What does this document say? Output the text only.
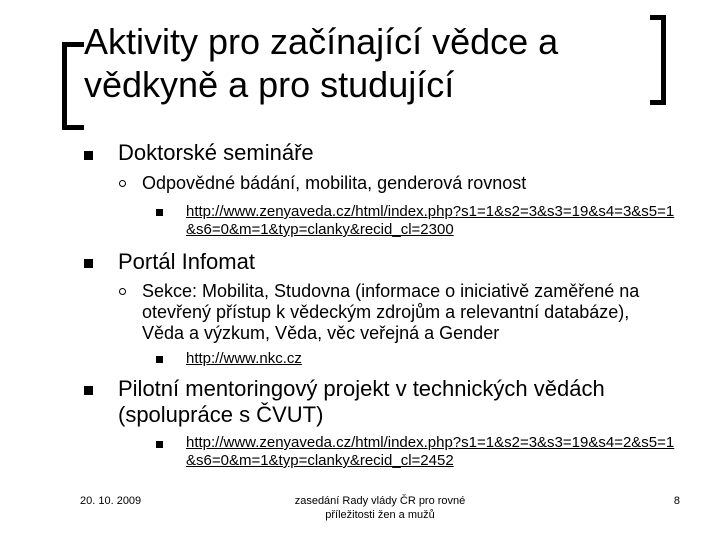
Aktivity pro začínající vědce a vědkyně a pro studující
Doktorské semináře
Odpovědné bádání, mobilita, genderová rovnost
http://www.zenyaveda.cz/html/index.php?s1=1&s2=3&s3=19&s4=3&s5=1&s6=0&m=1&typ=clanky&recid_cl=2300
Portál Infomat
Sekce: Mobilita, Studovna (informace o iniciativě zaměřené na otevřený přístup k vědeckým zdrojům a relevantní databáze), Věda a výzkum, Věda, věc veřejná a Gender
http://www.nkc.cz
Pilotní mentoringový projekt v technických vědách (spolupráce s ČVUT)
http://www.zenyaveda.cz/html/index.php?s1=1&s2=3&s3=19&s4=2&s5=1&s6=0&m=1&typ=clanky&recid_cl=2452
20. 10. 2009	zasedání Rady vlády ČR pro rovné příležitosti žen a mužů
8
